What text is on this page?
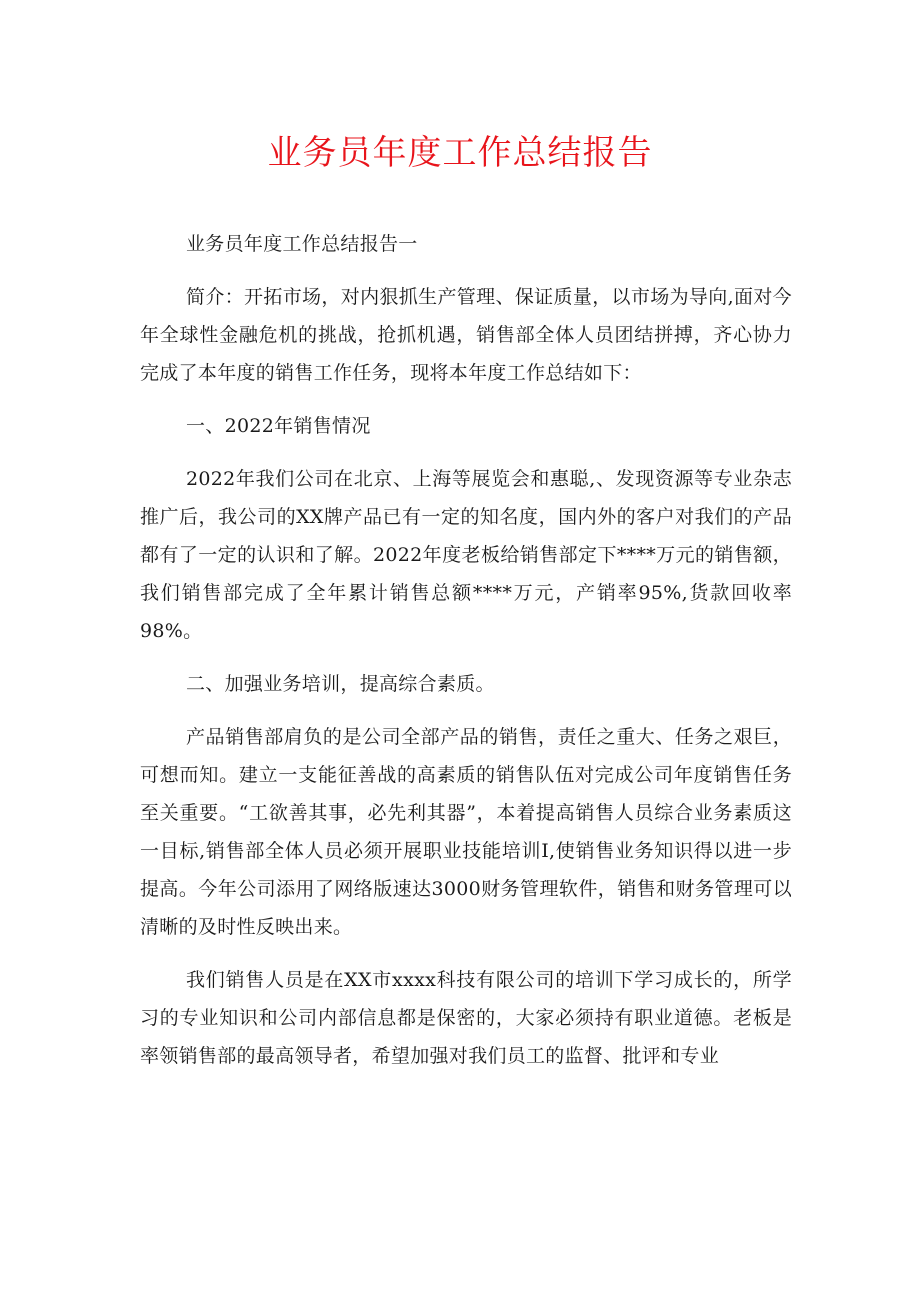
业务员年度工作总结报告

业务员年度工作总结报告一

简介：开拓市场，对内狠抓生产管理、保证质量，以市场为导向,面对今年全球性金融危机的挑战，抢抓机遇，销售部全体人员团结拼搏，齐心协力完成了本年度的销售工作任务，现将本年度工作总结如下：

一、2022年销售情况

2022年我们公司在北京、上海等展览会和惠聪,、发现资源等专业杂志推广后，我公司的XX牌产品已有一定的知名度，国内外的客户对我们的产品都有了一定的认识和了解。2022年度老板给销售部定下****万元的销售额，我们销售部完成了全年累计销售总额****万元，产销率95%,货款回收率98%。

二、加强业务培训，提高综合素质。

产品销售部肩负的是公司全部产品的销售，责任之重大、任务之艰巨，可想而知。建立一支能征善战的高素质的销售队伍对完成公司年度销售任务至关重要。“工欲善其事，必先利其器”，本着提高销售人员综合业务素质这一目标,销售部全体人员必须开展职业技能培训I,使销售业务知识得以进一步提高。今年公司添用了网络版速达3000财务管理软件，销售和财务管理可以清晰的及时性反映出来。

我们销售人员是在XX市xxxx科技有限公司的培训下学习成长的，所学习的专业知识和公司内部信息都是保密的，大家必须持有职业道德。老板是率领销售部的最高领导者，希望加强对我们员工的监督、批评和专业
